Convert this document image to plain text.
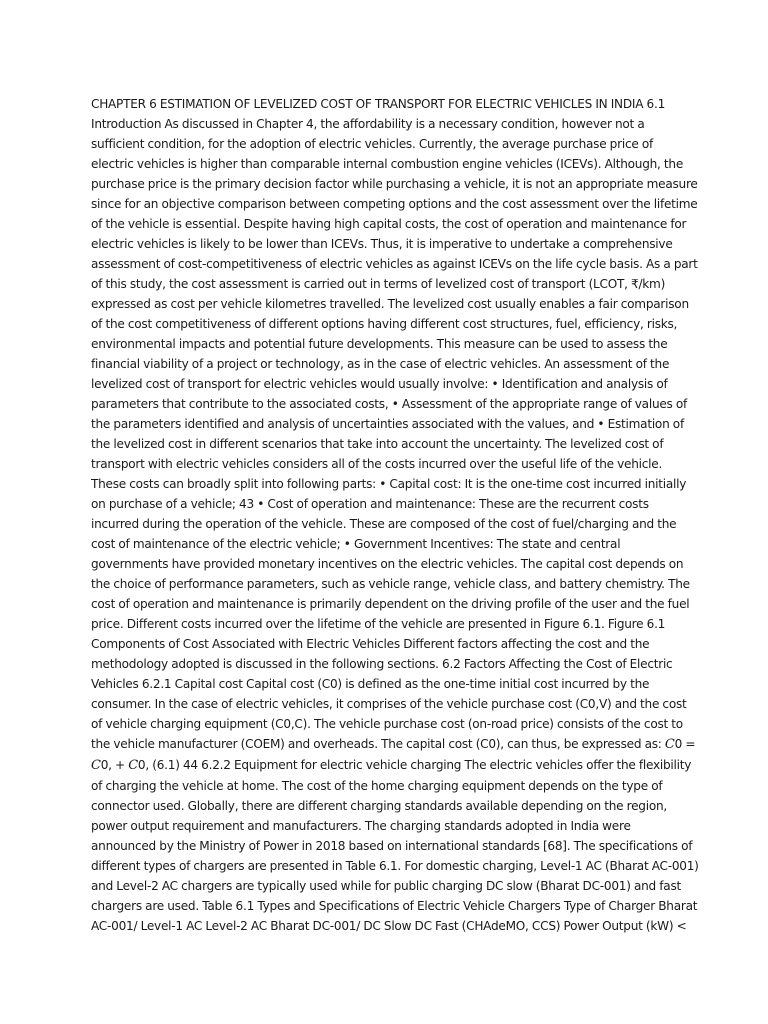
CHAPTER 6 ESTIMATION OF LEVELIZED COST OF TRANSPORT FOR ELECTRIC VEHICLES IN INDIA 6.1
Introduction As discussed in Chapter 4, the affordability is a necessary condition, however not a
sufficient condition, for the adoption of electric vehicles. Currently, the average purchase price of
electric vehicles is higher than comparable internal combustion engine vehicles (ICEVs). Although, the
purchase price is the primary decision factor while purchasing a vehicle, it is not an appropriate measure
since for an objective comparison between competing options and the cost assessment over the lifetime
of the vehicle is essential. Despite having high capital costs, the cost of operation and maintenance for
electric vehicles is likely to be lower than ICEVs. Thus, it is imperative to undertake a comprehensive
assessment of cost-competitiveness of electric vehicles as against ICEVs on the life cycle basis. As a part
of this study, the cost assessment is carried out in terms of levelized cost of transport (LCOT, ₹/km)
expressed as cost per vehicle kilometres travelled. The levelized cost usually enables a fair comparison
of the cost competitiveness of different options having different cost structures, fuel, efficiency, risks,
environmental impacts and potential future developments. This measure can be used to assess the
financial viability of a project or technology, as in the case of electric vehicles. An assessment of the
levelized cost of transport for electric vehicles would usually involve: • Identification and analysis of
parameters that contribute to the associated costs, • Assessment of the appropriate range of values of
the parameters identified and analysis of uncertainties associated with the values, and • Estimation of
the levelized cost in different scenarios that take into account the uncertainty. The levelized cost of
transport with electric vehicles considers all of the costs incurred over the useful life of the vehicle.
These costs can broadly split into following parts: • Capital cost: It is the one-time cost incurred initially
on purchase of a vehicle; 43 • Cost of operation and maintenance: These are the recurrent costs
incurred during the operation of the vehicle. These are composed of the cost of fuel/charging and the
cost of maintenance of the electric vehicle; • Government Incentives: The state and central
governments have provided monetary incentives on the electric vehicles. The capital cost depends on
the choice of performance parameters, such as vehicle range, vehicle class, and battery chemistry. The
cost of operation and maintenance is primarily dependent on the driving profile of the user and the fuel
price. Different costs incurred over the lifetime of the vehicle are presented in Figure 6.1. Figure 6.1
Components of Cost Associated with Electric Vehicles Different factors affecting the cost and the
methodology adopted is discussed in the following sections. 6.2 Factors Affecting the Cost of Electric
Vehicles 6.2.1 Capital cost Capital cost (C0) is defined as the one-time initial cost incurred by the
consumer. In the case of electric vehicles, it comprises of the vehicle purchase cost (C0,V) and the cost
of vehicle charging equipment (C0,C). The vehicle purchase cost (on-road price) consists of the cost to
the vehicle manufacturer (COEM) and overheads. The capital cost (C0), can thus, be expressed as: C0 =
C0, + C0, (6.1) 44 6.2.2 Equipment for electric vehicle charging The electric vehicles offer the flexibility
of charging the vehicle at home. The cost of the home charging equipment depends on the type of
connector used. Globally, there are different charging standards available depending on the region,
power output requirement and manufacturers. The charging standards adopted in India were
announced by the Ministry of Power in 2018 based on international standards [68]. The specifications of
different types of chargers are presented in Table 6.1. For domestic charging, Level-1 AC (Bharat AC-001)
and Level-2 AC chargers are typically used while for public charging DC slow (Bharat DC-001) and fast
chargers are used. Table 6.1 Types and Specifications of Electric Vehicle Chargers Type of Charger Bharat
AC-001/ Level-1 AC Level-2 AC Bharat DC-001/ DC Slow DC Fast (CHAdeMO, CCS) Power Output (kW) <
